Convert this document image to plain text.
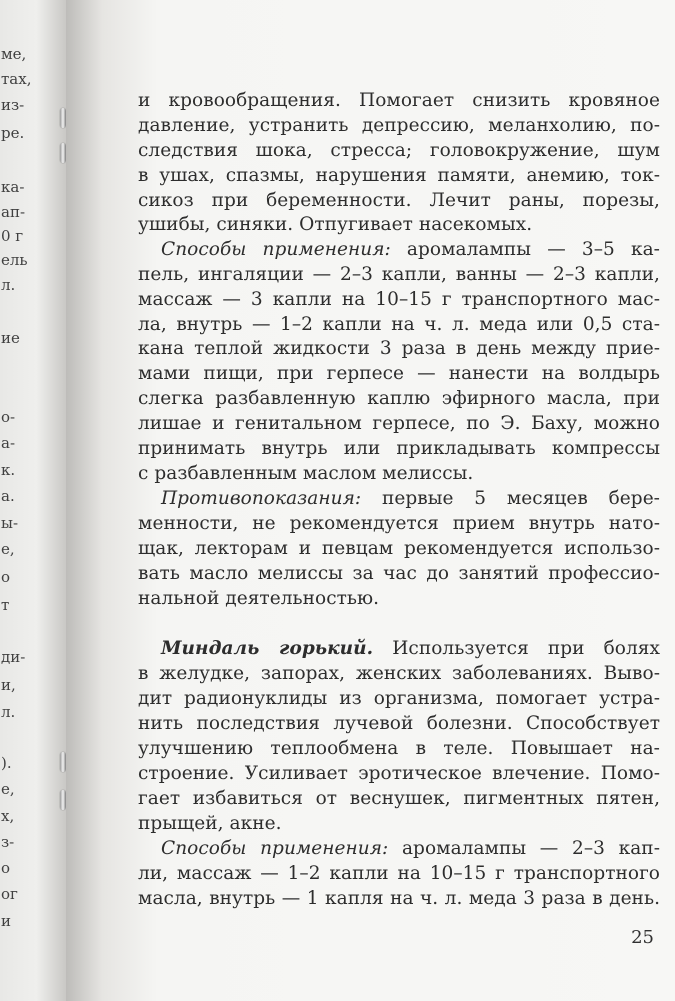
ме,
тах,
из-
ре.
ка-
ап-
0 г
ель
л.
ие
о-
а-
к.
а.
ы-
е,
о
т
ди-
и,
л.
).
е,
х,
з-
о
ог
и
и кровообращения. Помогает снизить кровяное
давление, устранить депрессию, меланхолию, по-
следствия шока, стресса; головокружение, шум
в ушах, спазмы, нарушения памяти, анемию, ток-
сикоз при беременности. Лечит раны, порезы,
ушибы, синяки. Отпугивает насекомых.
Способы применения: аромалампы — 3–5 ка-
пель, ингаляции — 2–3 капли, ванны — 2–3 капли,
массаж — 3 капли на 10–15 г транспортного мас-
ла, внутрь — 1–2 капли на ч. л. меда или 0,5 ста-
кана теплой жидкости 3 раза в день между прие-
мами пищи, при герпесе — нанести на волдырь
слегка разбавленную каплю эфирного масла, при
лишае и генитальном герпесе, по Э. Баху, можно
принимать внутрь или прикладывать компрессы
с разбавленным маслом мелиссы.
Противопоказания: первые 5 месяцев бере-
менности, не рекомендуется прием внутрь нато-
щак, лекторам и певцам рекомендуется использо-
вать масло мелиссы за час до занятий профессио-
нальной деятельностью.
Миндаль горький. Используется при болях
в желудке, запорах, женских заболеваниях. Выво-
дит радионуклиды из организма, помогает устра-
нить последствия лучевой болезни. Способствует
улучшению теплообмена в теле. Повышает на-
строение. Усиливает эротическое влечение. Помо-
гает избавиться от веснушек, пигментных пятен,
прыщей, акне.
Способы применения: аромалампы — 2–3 кап-
ли, массаж — 1–2 капли на 10–15 г транспортного
масла, внутрь — 1 капля на ч. л. меда 3 раза в день.
25
